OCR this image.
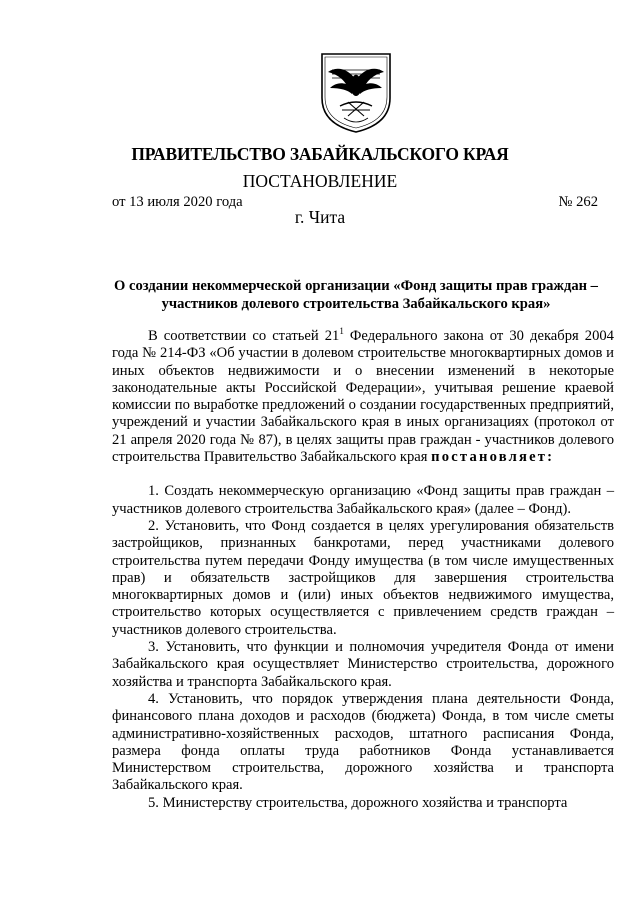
ПРАВИТЕЛЬСТВО ЗАБАЙКАЛЬСКОГО КРАЯ
ПОСТАНОВЛЕНИЕ
от 13 июля 2020 года	№ 262
г. Чита
О создании некоммерческой организации «Фонд защиты прав граждан –
участников долевого строительства Забайкальского края»

В соответствии со статьей $21^1$ Федерального закона от 30 декабря 2004 года № 214-ФЗ «Об участии в долевом строительстве многоквартирных домов и иных объектов недвижимости и о внесении изменений в некоторые законодательные акты Российской Федерации», учитывая решение краевой комиссии по выработке предложений о создании государственных предприятий, учреждений и участии Забайкальского края в иных организациях (протокол от 21 апреля 2020 года № 87), в целях защиты прав граждан - участников долевого строительства Правительство Забайкальского края постановляет:

1. Создать некоммерческую организацию «Фонд защиты прав граждан – участников долевого строительства Забайкальского края» (далее – Фонд).

2. Установить, что Фонд создается в целях урегулирования обязательств застройщиков, признанных банкротами, перед участниками долевого строительства путем передачи Фонду имущества (в том числе имущественных прав) и обязательств застройщиков для завершения строительства многоквартирных домов и (или) иных объектов недвижимого имущества, строительство которых осуществляется с привлечением средств граждан – участников долевого строительства.

3. Установить, что функции и полномочия учредителя Фонда от имени Забайкальского края осуществляет Министерство строительства, дорожного хозяйства и транспорта Забайкальского края.

4. Установить, что порядок утверждения плана деятельности Фонда, финансового плана доходов и расходов (бюджета) Фонда, в том числе сметы административно-хозяйственных расходов, штатного расписания Фонда, размера фонда оплаты труда работников Фонда устанавливается Министерством строительства, дорожного хозяйства и транспорта Забайкальского края.

5. Министерству строительства, дорожного хозяйства и транспорта
